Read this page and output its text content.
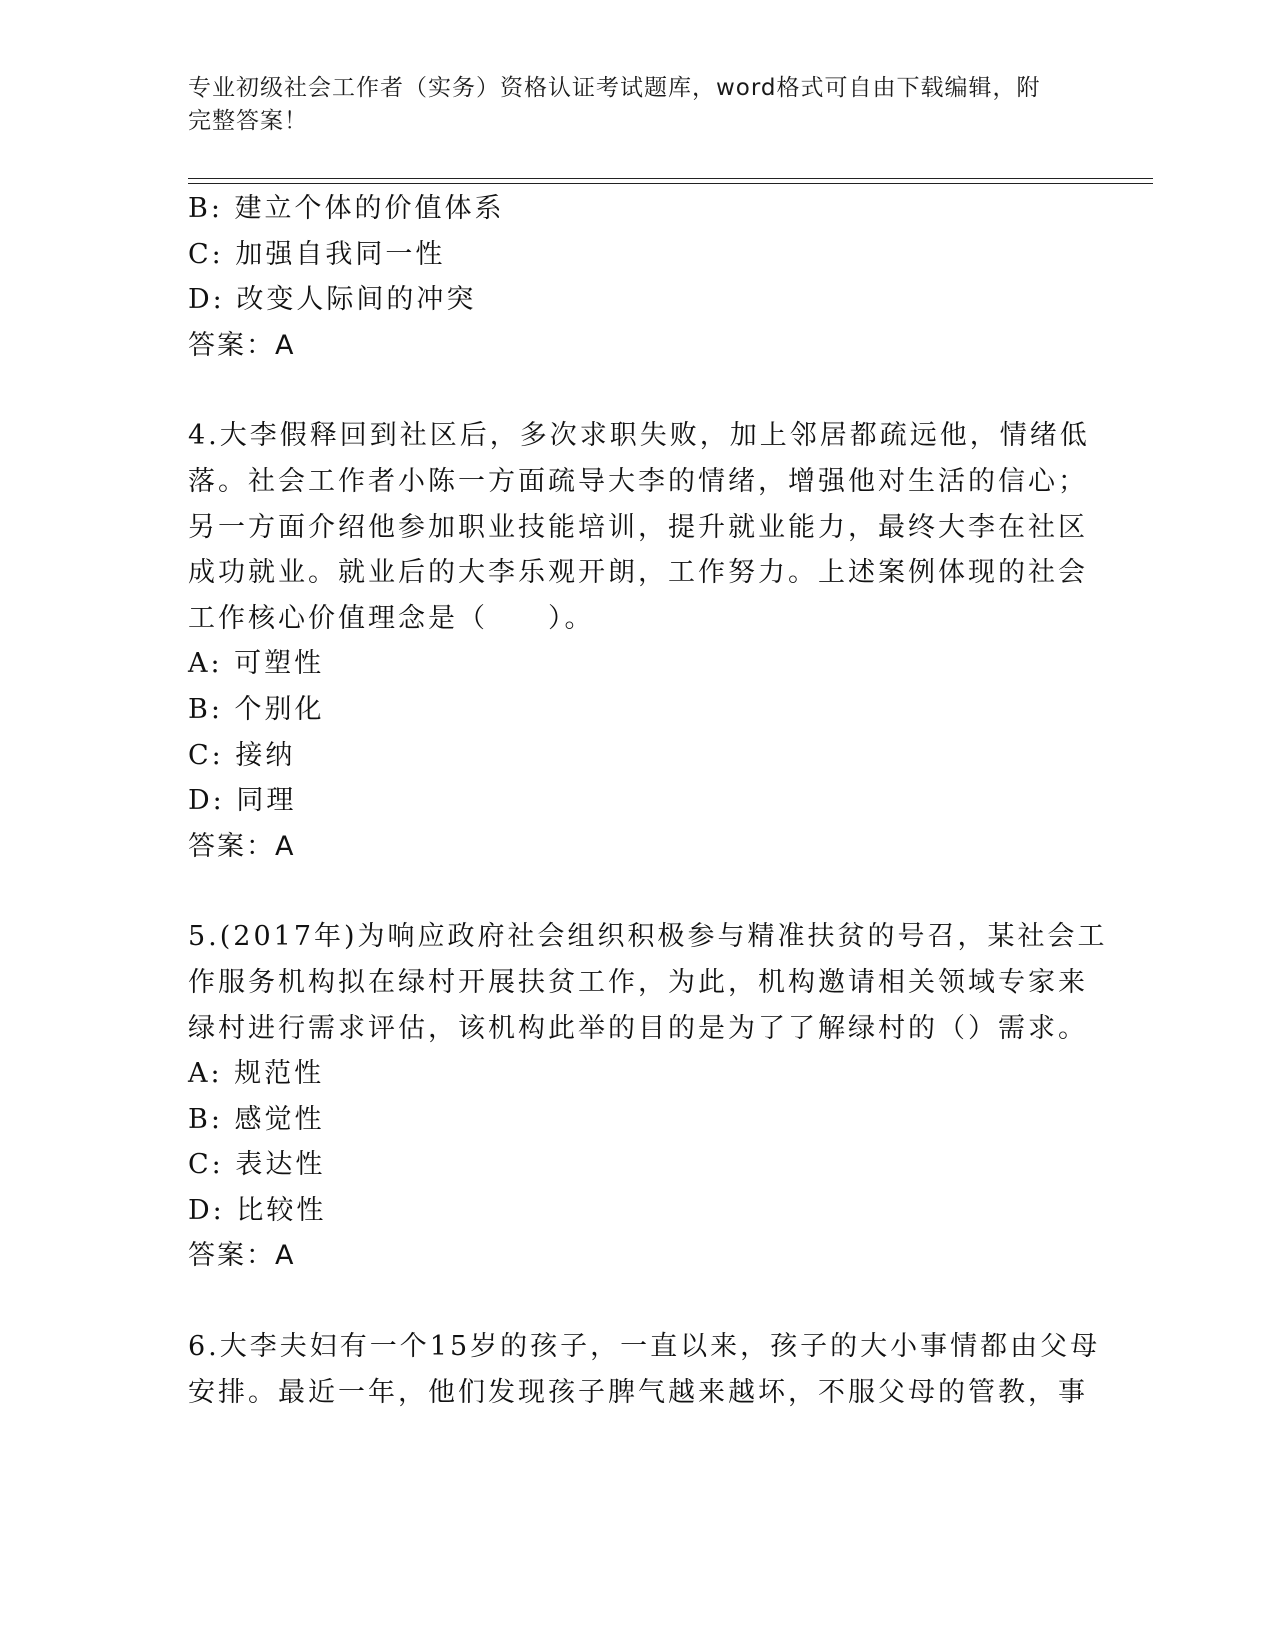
专业初级社会工作者（实务）资格认证考试题库，word格式可自由下载编辑，附
完整答案！
B: 建立个体的价值体系
C: 加强自我同一性
D: 改变人际间的冲突
答案：A
4.大李假释回到社区后，多次求职失败，加上邻居都疏远他，情绪低
落。社会工作者小陈一方面疏导大李的情绪，增强他对生活的信心；
另一方面介绍他参加职业技能培训，提升就业能力，最终大李在社区
成功就业。就业后的大李乐观开朗，工作努力。上述案例体现的社会
工作核心价值理念是（　　）。
A: 可塑性
B: 个别化
C: 接纳
D: 同理
答案：A
5.(2017年)为响应政府社会组织积极参与精准扶贫的号召，某社会工
作服务机构拟在绿村开展扶贫工作，为此，机构邀请相关领域专家来
绿村进行需求评估，该机构此举的目的是为了了解绿村的（）需求。
A: 规范性
B: 感觉性
C: 表达性
D: 比较性
答案：A
6.大李夫妇有一个15岁的孩子，一直以来，孩子的大小事情都由父母
安排。最近一年，他们发现孩子脾气越来越坏，不服父母的管教，事
